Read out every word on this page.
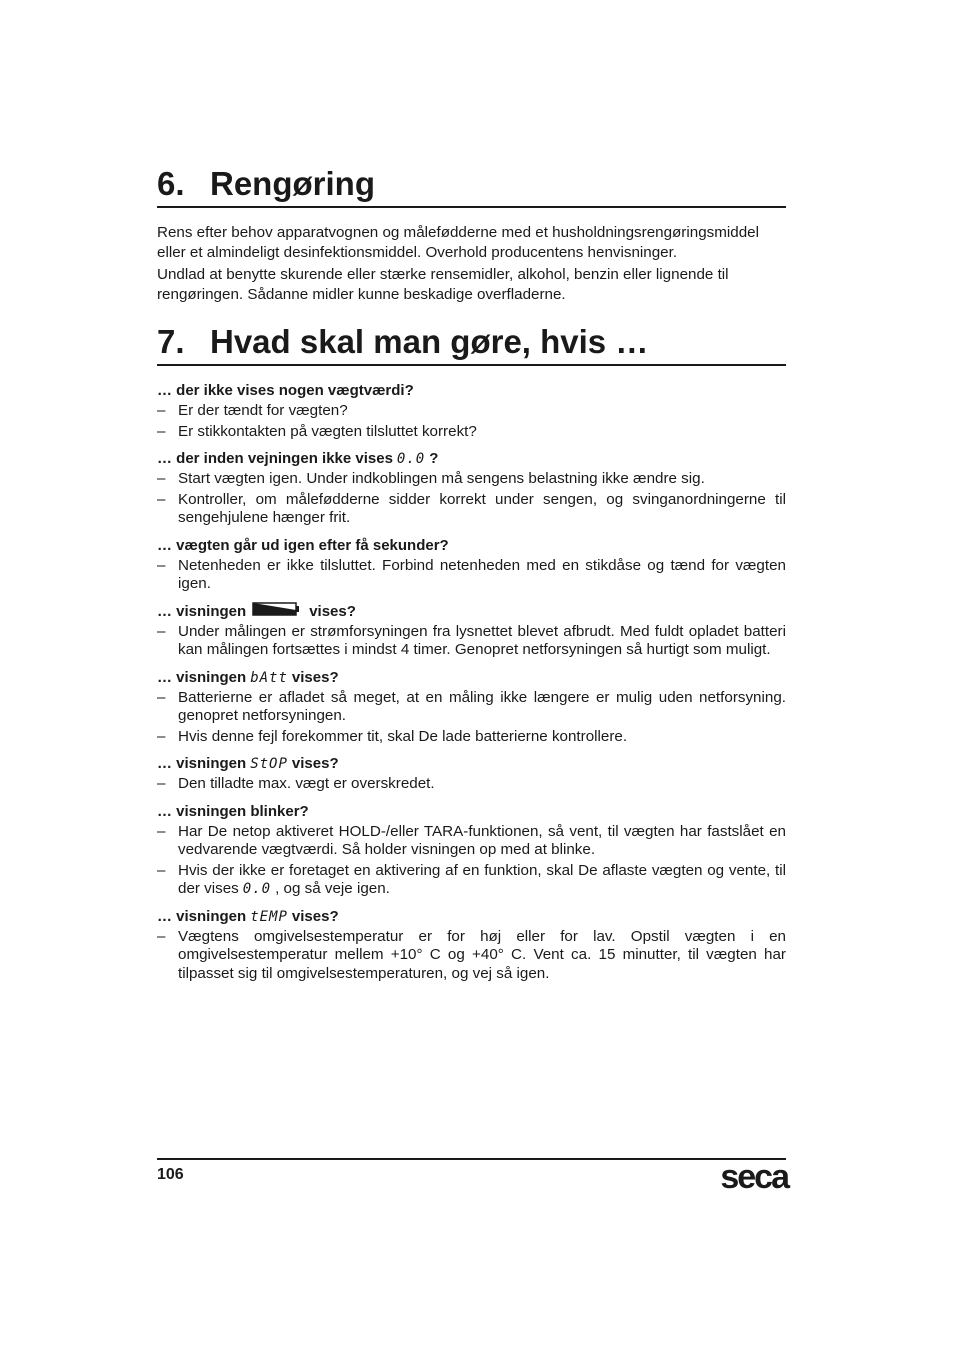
6. Rengøring

Rens efter behov apparatvognen og målefødderne med et husholdningsrengøringsmiddel eller et almindeligt desinfektionsmiddel. Overhold producentens henvisninger.

Undlad at benytte skurende eller stærke rensemidler, alkohol, benzin eller lignende til rengøringen. Sådanne midler kunne beskadige overfladerne.

7. Hvad skal man gøre, hvis …

… der ikke vises nogen vægtværdi?

– Er der tændt for vægten?
– Er stikkontakten på vægten tilsluttet korrekt?

… der inden vejningen ikke vises 0.0 ?

– Start vægten igen. Under indkoblingen må sengens belastning ikke ændre sig.
– Kontroller, om målefødderne sidder korrekt under sengen, og svinganordningerne til sengehjulene hænger frit.

… vægten går ud igen efter få sekunder?

– Netenheden er ikke tilsluttet. Forbind netenheden med en stikdåse og tænd for vægten igen.

… visningen	vises?

– Under målingen er strømforsyningen fra lysnettet blevet afbrudt. Med fuldt opladet batteri kan målingen fortsættes i mindst 4 timer. Genopret netforsyningen så hurtigt som muligt.

… visningen bAtt vises?

– Batterierne er afladet så meget, at en måling ikke længere er mulig uden netforsyning. genopret netforsyningen.
– Hvis denne fejl forekommer tit, skal De lade batterierne kontrollere.

… visningen StOP vises?

– Den tilladte max. vægt er overskredet.

… visningen blinker?

– Har De netop aktiveret HOLD-/eller TARA-funktionen, så vent, til vægten har fastslået en vedvarende vægtværdi. Så holder visningen op med at blinke.
– Hvis der ikke er foretaget en aktivering af en funktion, skal De aflaste vægten og vente, til der vises 0.0 , og så veje igen.

… visningen tEMP vises?

– Vægtens omgivelsestemperatur er for høj eller for lav. Opstil vægten i en omgivelsestemperatur mellem +10° C og +40° C. Vent ca. 15 minutter, til vægten har tilpasset sig til omgivelsestemperaturen, og vej så igen.
106	seca
